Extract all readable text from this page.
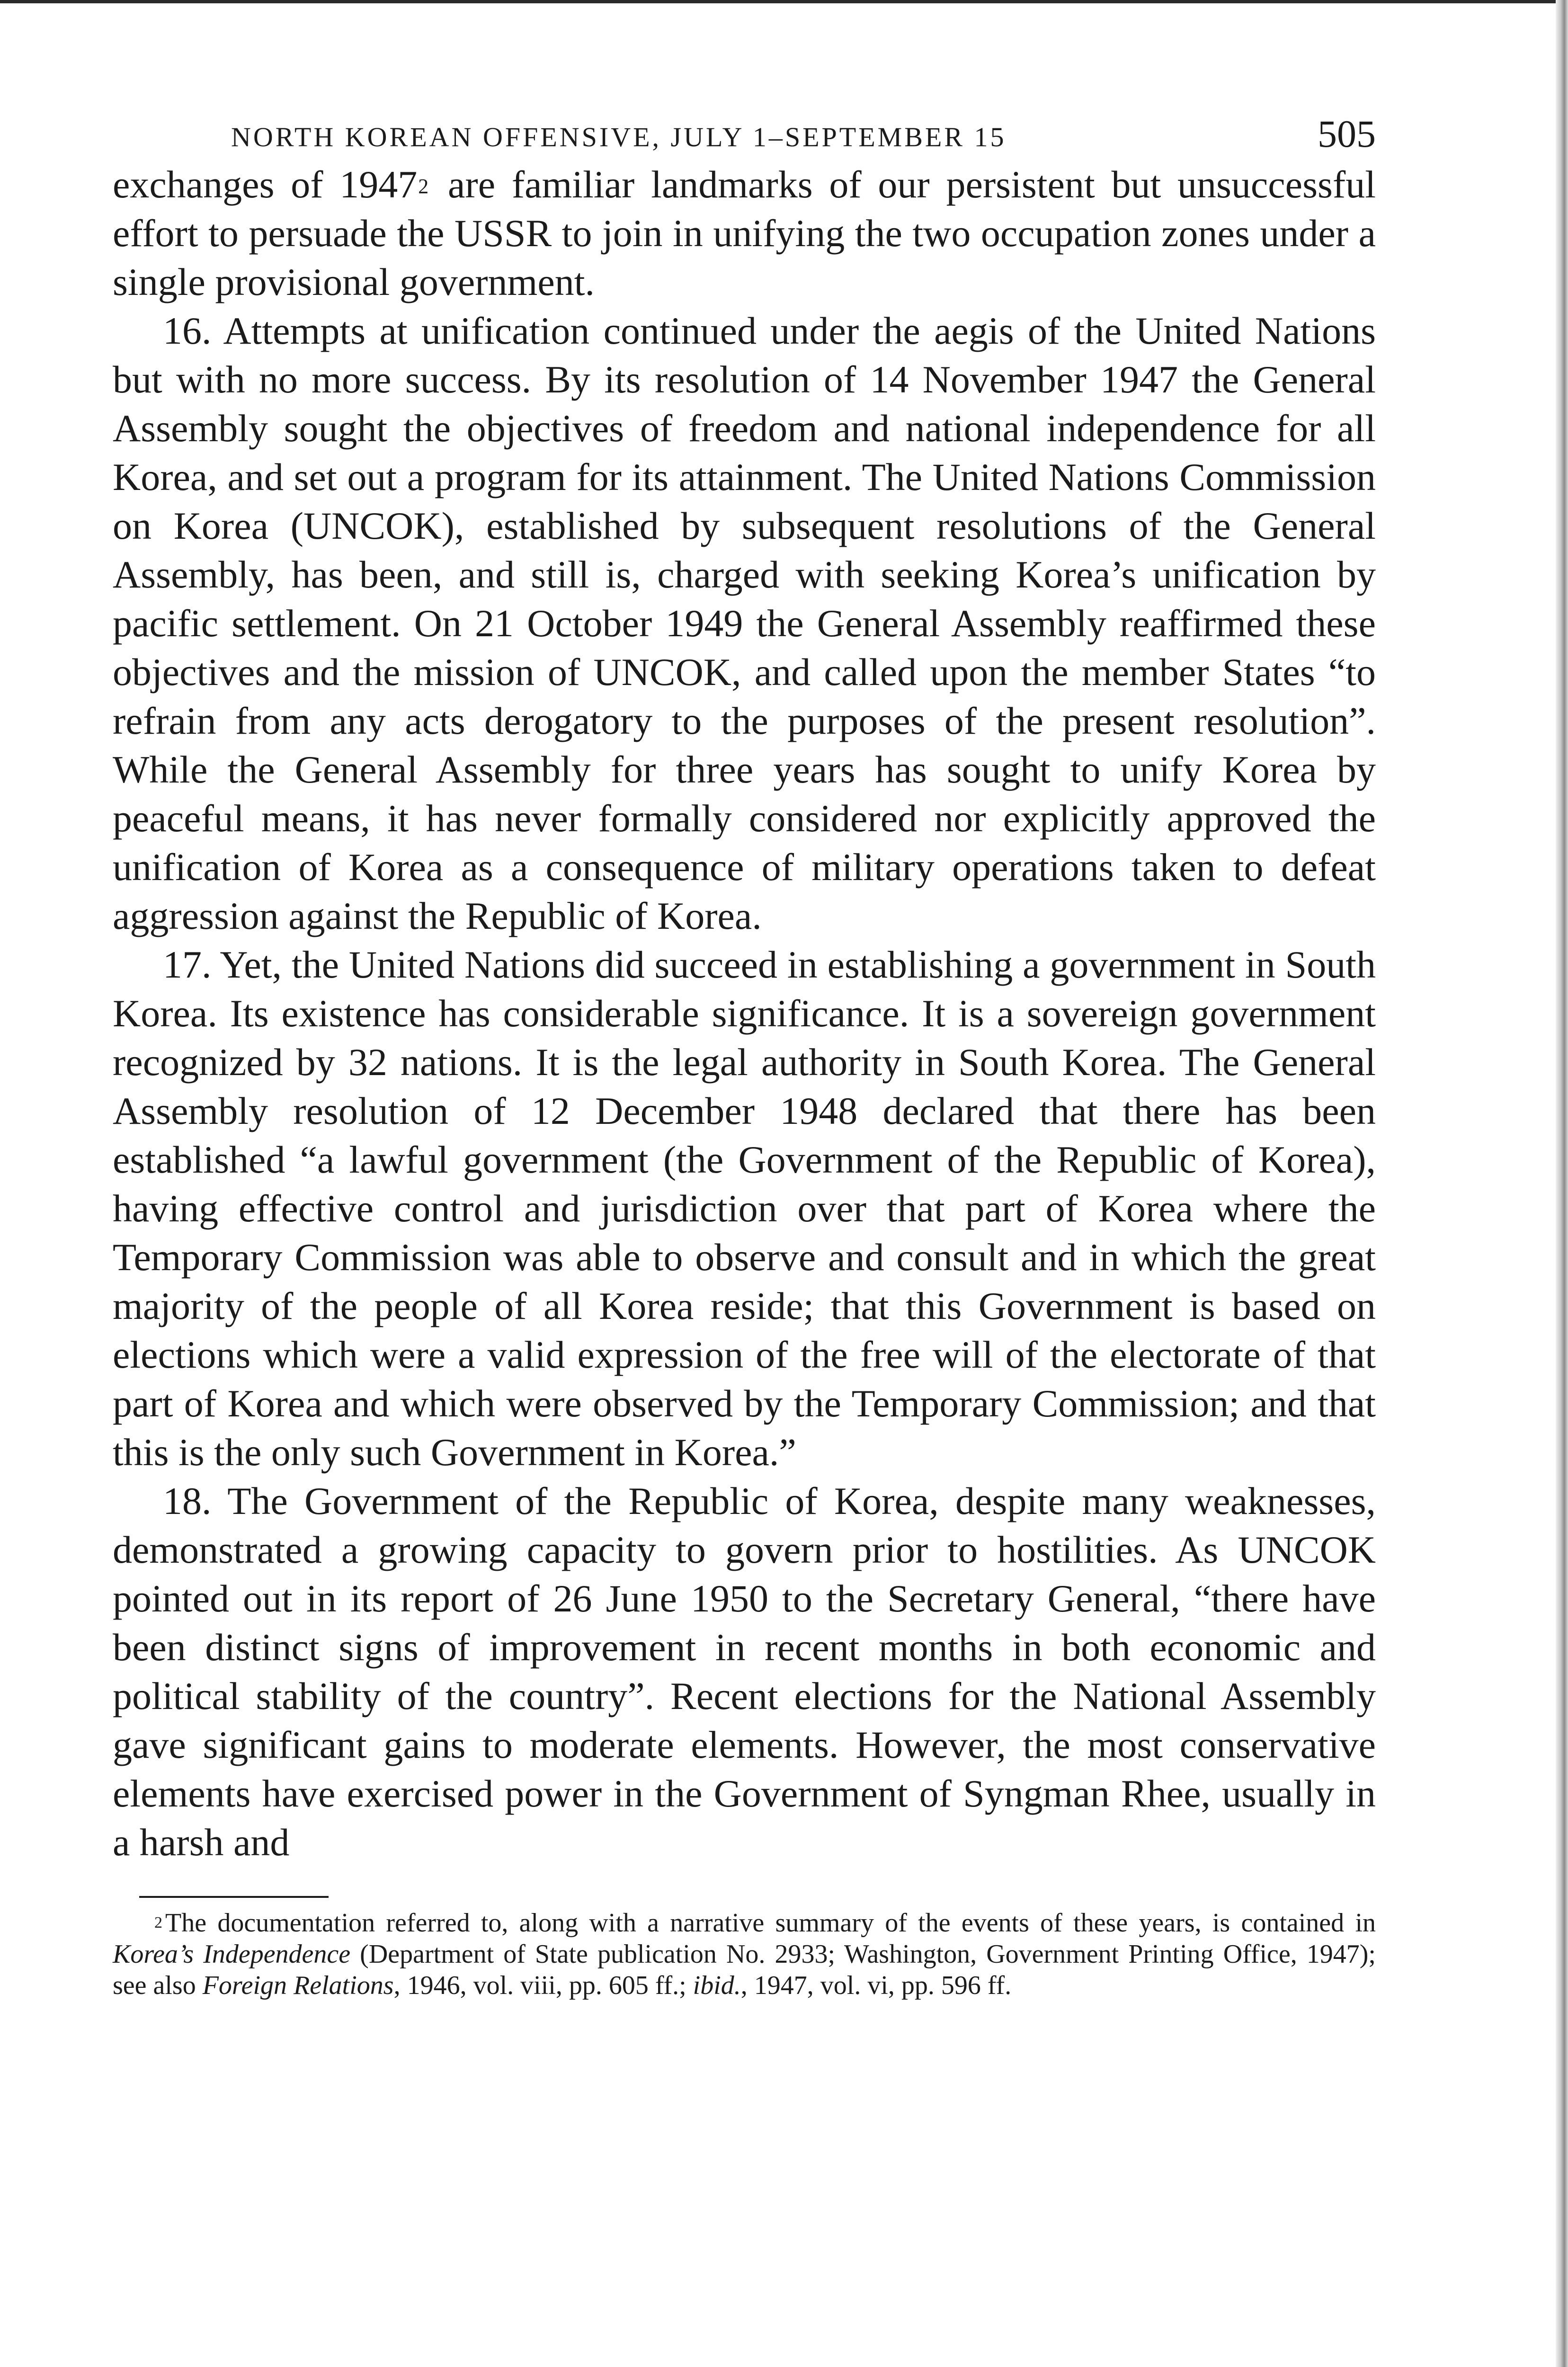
NORTH KOREAN OFFENSIVE, JULY 1–SEPTEMBER 15	505

exchanges of 1947$^2$ are familiar landmarks of our persistent but unsuccessful effort to persuade the USSR to join in unifying the two occupation zones under a single provisional government.

16. Attempts at unification continued under the aegis of the United Nations but with no more success. By its resolution of 14 November 1947 the General Assembly sought the objectives of freedom and national independence for all Korea, and set out a program for its attainment. The United Nations Commission on Korea (UNCOK), established by subsequent resolutions of the General Assembly, has been, and still is, charged with seeking Korea’s unification by pacific settlement. On 21 October 1949 the General Assembly reaffirmed these objectives and the mission of UNCOK, and called upon the member States “to refrain from any acts derogatory to the purposes of the present resolution”. While the General Assembly for three years has sought to unify Korea by peaceful means, it has never formally considered nor explicitly approved the unification of Korea as a consequence of military operations taken to defeat aggression against the Republic of Korea.

17. Yet, the United Nations did succeed in establishing a government in South Korea. Its existence has considerable significance. It is a sovereign government recognized by 32 nations. It is the legal authority in South Korea. The General Assembly resolution of 12 December 1948 declared that there has been established “a lawful government (the Government of the Republic of Korea), having effective control and jurisdiction over that part of Korea where the Temporary Commission was able to observe and consult and in which the great majority of the people of all Korea reside; that this Government is based on elections which were a valid expression of the free will of the electorate of that part of Korea and which were observed by the Temporary Commission; and that this is the only such Government in Korea.”

18. The Government of the Republic of Korea, despite many weaknesses, demonstrated a growing capacity to govern prior to hostilities. As UNCOK pointed out in its report of 26 June 1950 to the Secretary General, “there have been distinct signs of improvement in recent months in both economic and political stability of the country”. Recent elections for the National Assembly gave significant gains to moderate elements. However, the most conservative elements have exercised power in the Government of Syngman Rhee, usually in a harsh and

$^2$ The documentation referred to, along with a narrative summary of the events of these years, is contained in Korea’s Independence (Department of State publication No. 2933; Washington, Government Printing Office, 1947); see also Foreign Relations, 1946, vol. viii, pp. 605 ff.; ibid., 1947, vol. vi, pp. 596 ff.
